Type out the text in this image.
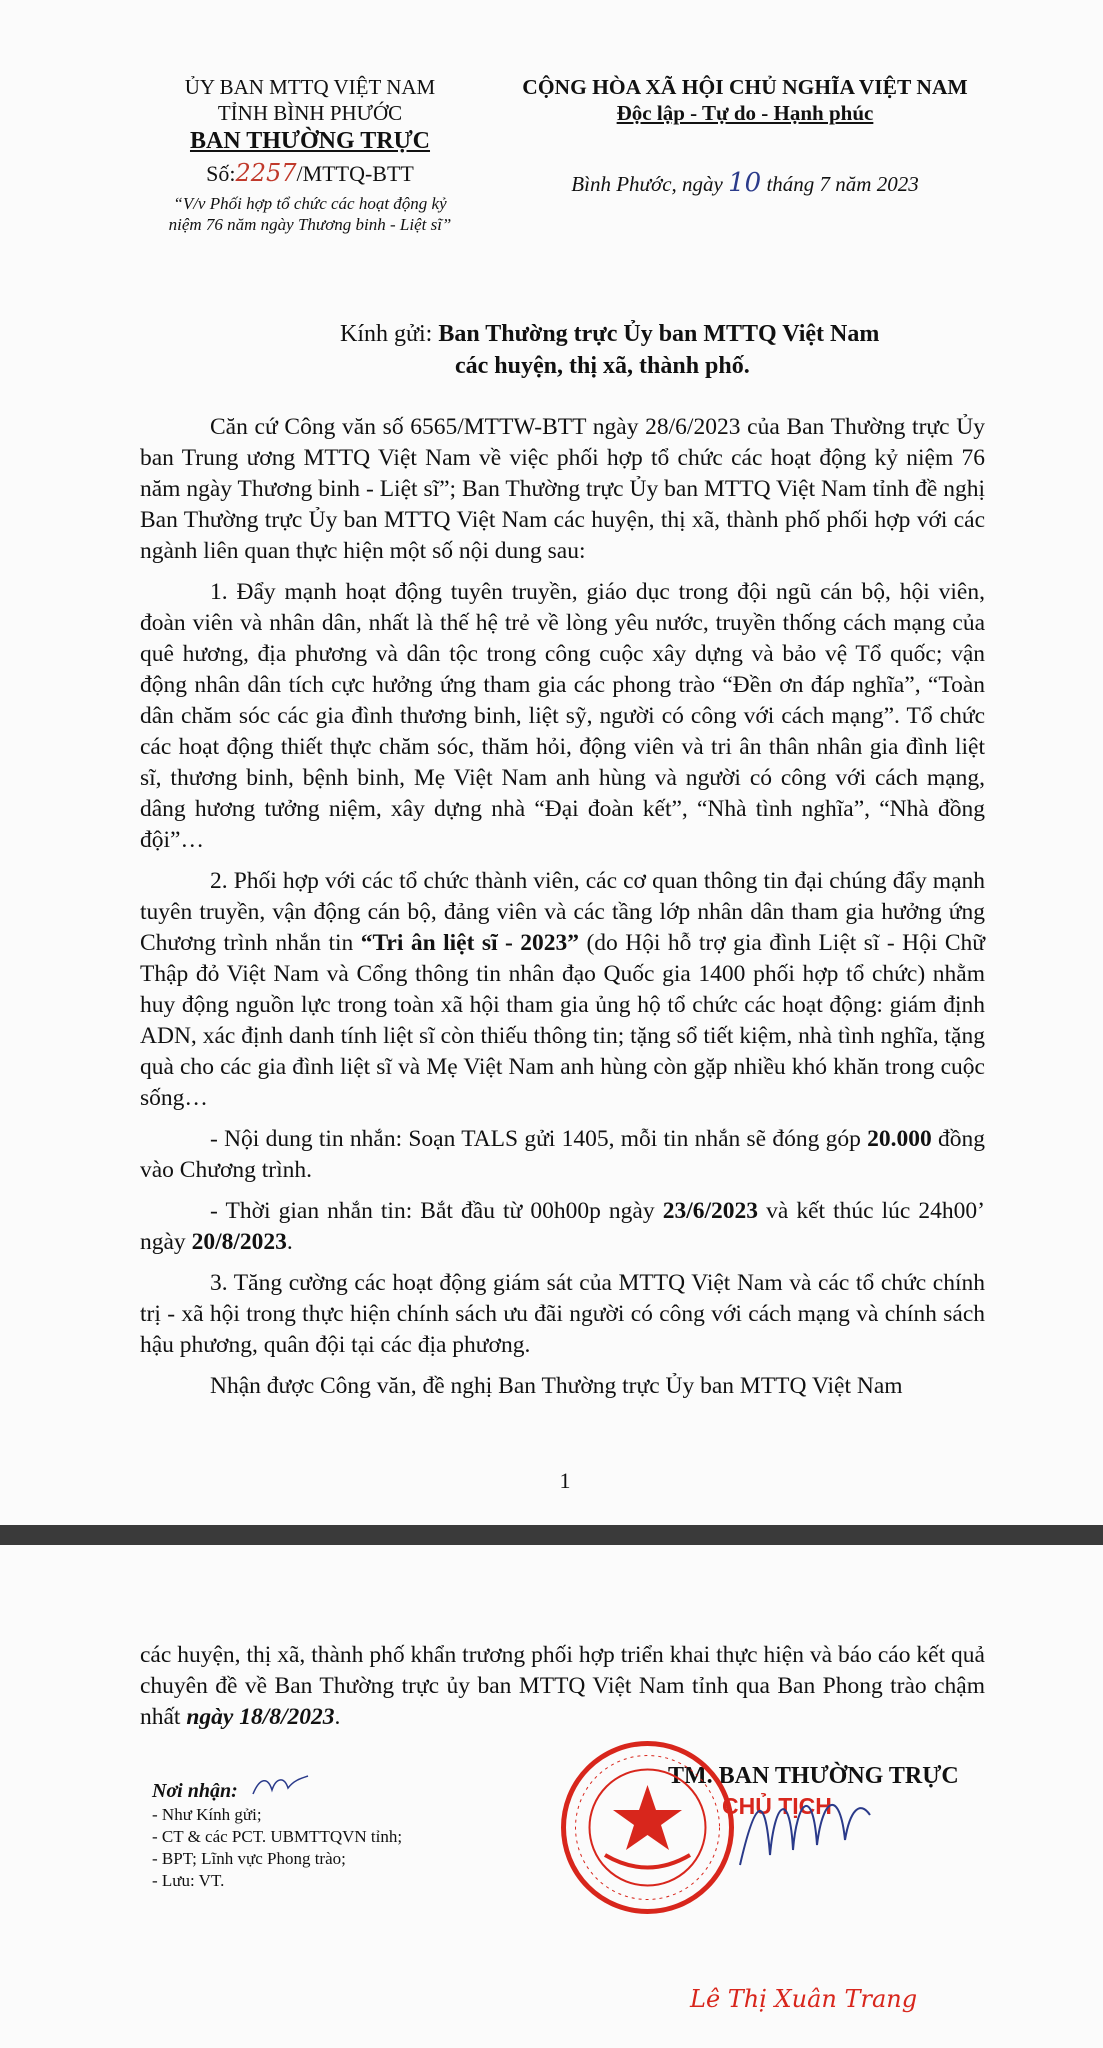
ỦY BAN MTTQ VIỆT NAM
TỈNH BÌNH PHƯỚC
BAN THƯỜNG TRỰC
Số:2257/MTTQ-BTT
“V/v Phối hợp tổ chức các hoạt động kỷ
niệm 76 năm ngày Thương binh - Liệt sĩ”
CỘNG HÒA XÃ HỘI CHỦ NGHĨA VIỆT NAM
Độc lập - Tự do - Hạnh phúc
Bình Phước, ngày 10 tháng 7 năm 2023
Kính gửi: Ban Thường trực Ủy ban MTTQ Việt Nam
các huyện, thị xã, thành phố.

Căn cứ Công văn số 6565/MTTW-BTT ngày 28/6/2023 của Ban Thường trực Ủy ban Trung ương MTTQ Việt Nam về việc phối hợp tổ chức các hoạt động kỷ niệm 76 năm ngày Thương binh - Liệt sĩ”; Ban Thường trực Ủy ban MTTQ Việt Nam tỉnh đề nghị Ban Thường trực Ủy ban MTTQ Việt Nam các huyện, thị xã, thành phố phối hợp với các ngành liên quan thực hiện một số nội dung sau:

1. Đẩy mạnh hoạt động tuyên truyền, giáo dục trong đội ngũ cán bộ, hội viên, đoàn viên và nhân dân, nhất là thế hệ trẻ về lòng yêu nước, truyền thống cách mạng của quê hương, địa phương và dân tộc trong công cuộc xây dựng và bảo vệ Tổ quốc; vận động nhân dân tích cực hưởng ứng tham gia các phong trào “Đền ơn đáp nghĩa”, “Toàn dân chăm sóc các gia đình thương binh, liệt sỹ, người có công với cách mạng”. Tổ chức các hoạt động thiết thực chăm sóc, thăm hỏi, động viên và tri ân thân nhân gia đình liệt sĩ, thương binh, bệnh binh, Mẹ Việt Nam anh hùng và người có công với cách mạng, dâng hương tưởng niệm, xây dựng nhà “Đại đoàn kết”, “Nhà tình nghĩa”, “Nhà đồng đội”…

2. Phối hợp với các tổ chức thành viên, các cơ quan thông tin đại chúng đẩy mạnh tuyên truyền, vận động cán bộ, đảng viên và các tầng lớp nhân dân tham gia hưởng ứng Chương trình nhắn tin “Tri ân liệt sĩ - 2023” (do Hội hỗ trợ gia đình Liệt sĩ - Hội Chữ Thập đỏ Việt Nam và Cổng thông tin nhân đạo Quốc gia 1400 phối hợp tổ chức) nhằm huy động nguồn lực trong toàn xã hội tham gia ủng hộ tổ chức các hoạt động: giám định ADN, xác định danh tính liệt sĩ còn thiếu thông tin; tặng sổ tiết kiệm, nhà tình nghĩa, tặng quà cho các gia đình liệt sĩ và Mẹ Việt Nam anh hùng còn gặp nhiều khó khăn trong cuộc sống…

- Nội dung tin nhắn: Soạn TALS gửi 1405, mỗi tin nhắn sẽ đóng góp 20.000 đồng vào Chương trình.

- Thời gian nhắn tin: Bắt đầu từ 00h00p ngày 23/6/2023 và kết thúc lúc 24h00’ ngày 20/8/2023.

3. Tăng cường các hoạt động giám sát của MTTQ Việt Nam và các tổ chức chính trị - xã hội trong thực hiện chính sách ưu đãi người có công với cách mạng và chính sách hậu phương, quân đội tại các địa phương.

Nhận được Công văn, đề nghị Ban Thường trực Ủy ban MTTQ Việt Nam

1

các huyện, thị xã, thành phố khẩn trương phối hợp triển khai thực hiện và báo cáo kết quả chuyên đề về Ban Thường trực ủy ban MTTQ Việt Nam tỉnh qua Ban Phong trào chậm nhất ngày 18/8/2023.

Nơi nhận:
- Như Kính gửi;
- CT & các PCT. UBMTTQVN tỉnh;
- BPT; Lĩnh vực Phong trào;
- Lưu: VT.
TM. BAN THƯỜNG TRỰC
CHỦ TỊCH
Lê Thị Xuân Trang
